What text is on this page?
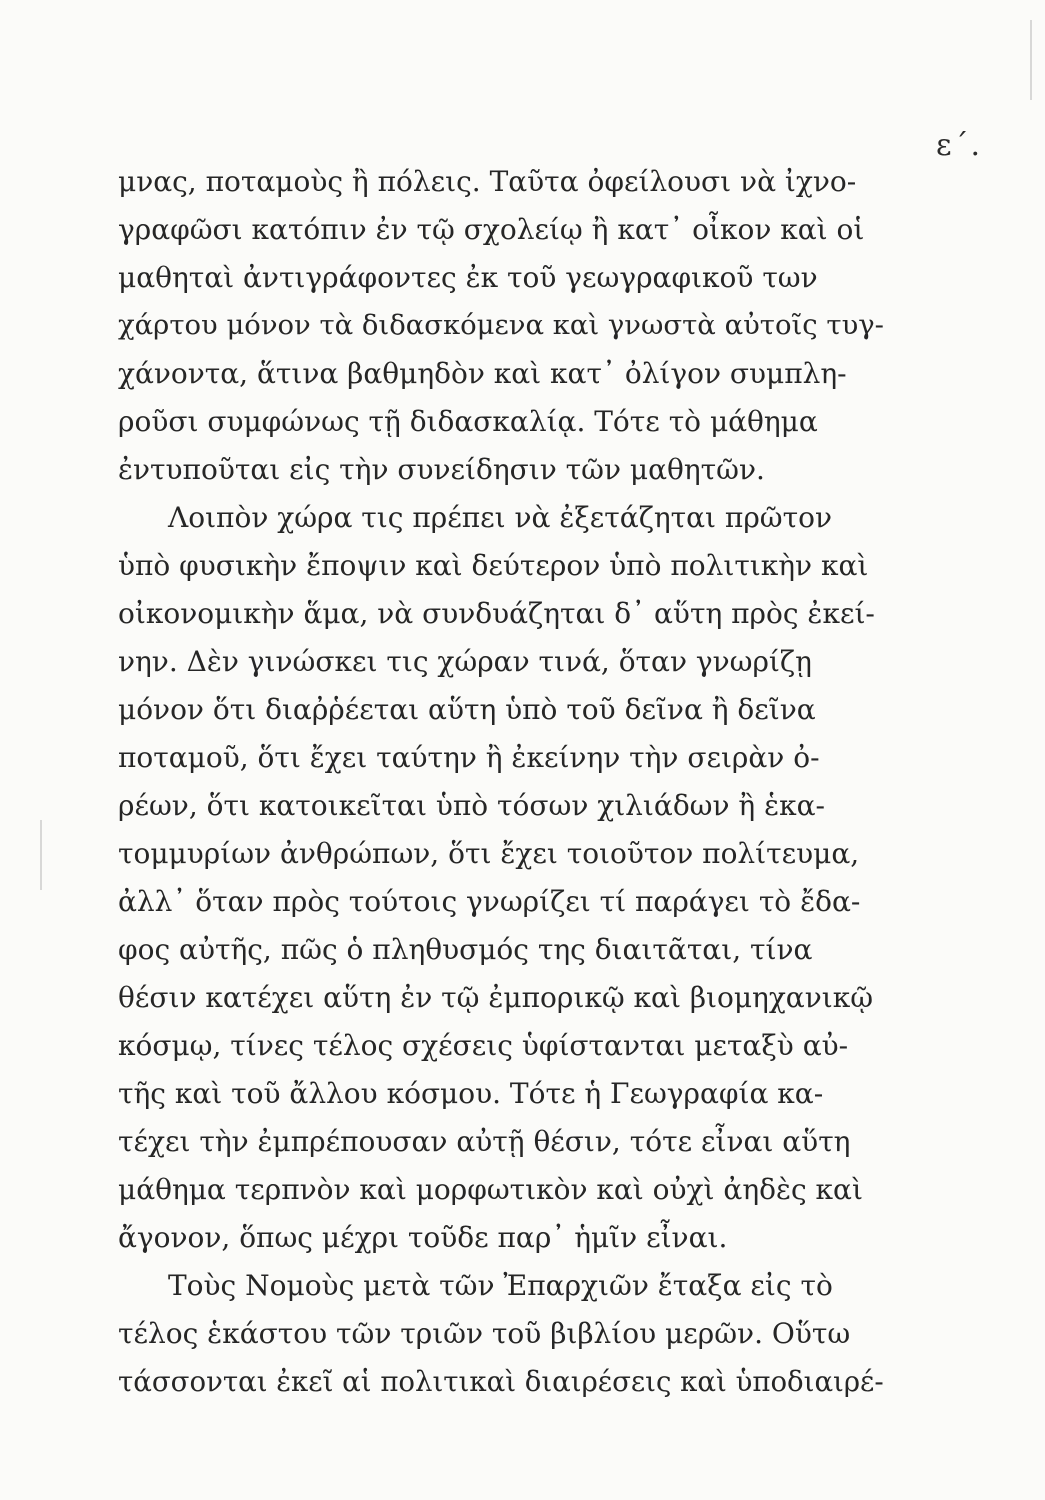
ε΄.
μνας, ποταμοὺς ἢ πόλεις. Ταῦτα ὀφείλουσι νὰ ἰχνο-
γραφῶσι κατόπιν ἐν τῷ σχολείῳ ἢ κατ᾽ οἶκον καὶ οἱ
μαθηταὶ ἀντιγράφοντες ἐκ τοῦ γεωγραφικοῦ των
χάρτου μόνον τὰ διδασκόμενα καὶ γνωστὰ αὐτοῖς τυγ-
χάνοντα, ἅτινα βαθμηδὸν καὶ κατ᾽ ὀλίγον συμπλη-
ροῦσι συμφώνως τῇ διδασκαλίᾳ. Τότε τὸ μάθημα
ἐντυποῦται εἰς τὴν συνείδησιν τῶν μαθητῶν.
Λοιπὸν χώρα τις πρέπει νὰ ἐξετάζηται πρῶτον
ὑπὸ φυσικὴν ἔποψιν καὶ δεύτερον ὑπὸ πολιτικὴν καὶ
οἰκονομικὴν ἅμα, νὰ συνδυάζηται δ᾽ αὕτη πρὸς ἐκεί-
νην. Δὲν γινώσκει τις χώραν τινά, ὅταν γνωρίζῃ
μόνον ὅτι διαῤῥέεται αὕτη ὑπὸ τοῦ δεῖνα ἢ δεῖνα
ποταμοῦ, ὅτι ἔχει ταύτην ἢ ἐκείνην τὴν σειρὰν ὀ-
ρέων, ὅτι κατοικεῖται ὑπὸ τόσων χιλιάδων ἢ ἑκα-
τομμυρίων ἀνθρώπων, ὅτι ἔχει τοιοῦτον πολίτευμα,
ἀλλ᾽ ὅταν πρὸς τούτοις γνωρίζει τί παράγει τὸ ἔδα-
φος αὐτῆς, πῶς ὁ πληθυσμός της διαιτᾶται, τίνα
θέσιν κατέχει αὕτη ἐν τῷ ἐμπορικῷ καὶ βιομηχανικῷ
κόσμῳ, τίνες τέλος σχέσεις ὑφίστανται μεταξὺ αὐ-
τῆς καὶ τοῦ ἄλλου κόσμου. Τότε ἡ Γεωγραφία κα-
τέχει τὴν ἐμπρέπουσαν αὐτῇ θέσιν, τότε εἶναι αὕτη
μάθημα τερπνὸν καὶ μορφωτικὸν καὶ οὐχὶ ἀηδὲς καὶ
ἄγονον, ὅπως μέχρι τοῦδε παρ᾽ ἡμῖν εἶναι.
Τοὺς Νομοὺς μετὰ τῶν Ἐπαρχιῶν ἔταξα εἰς τὸ
τέλος ἑκάστου τῶν τριῶν τοῦ βιβλίου μερῶν. Οὕτω
τάσσονται ἐκεῖ αἱ πολιτικαὶ διαιρέσεις καὶ ὑποδιαιρέ-
